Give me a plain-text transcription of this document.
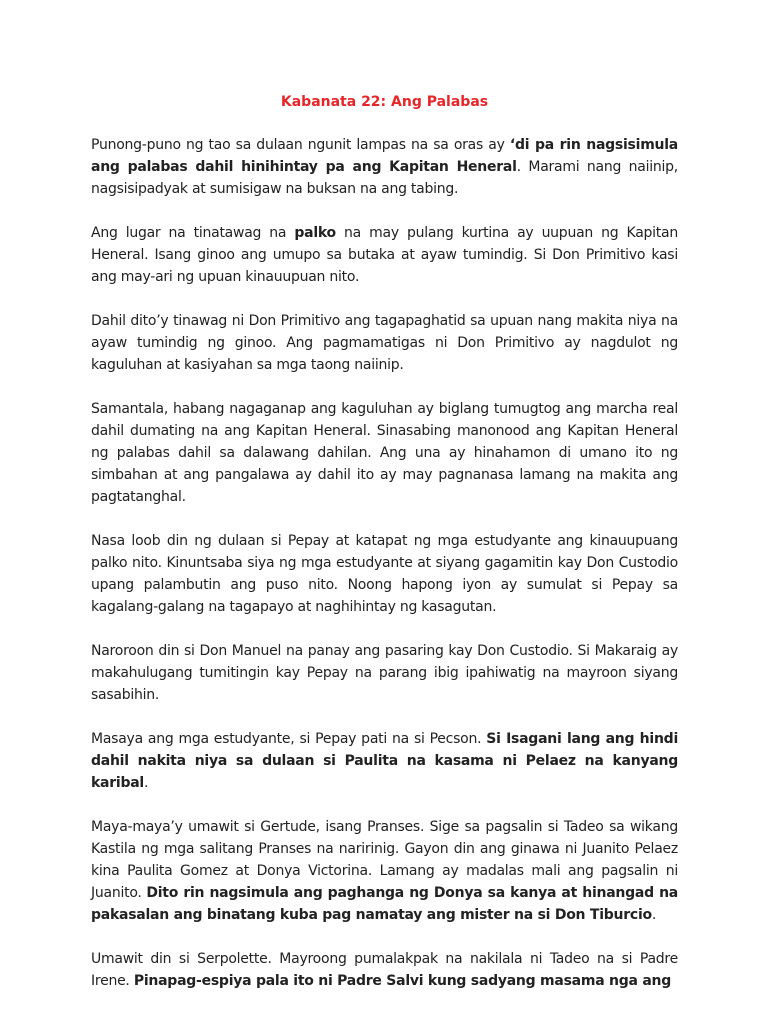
Kabanata 22: Ang Palabas

Punong-puno ng tao sa dulaan ngunit lampas na sa oras ay ‘di pa rin nagsisimula ang palabas dahil hinihintay pa ang Kapitan Heneral. Marami nang naiinip, nagsisipadyak at sumisigaw na buksan na ang tabing.

Ang lugar na tinatawag na palko na may pulang kurtina ay uupuan ng Kapitan Heneral. Isang ginoo ang umupo sa butaka at ayaw tumindig. Si Don Primitivo kasi ang may-ari ng upuan kinauupuan nito.

Dahil dito’y tinawag ni Don Primitivo ang tagapaghatid sa upuan nang makita niya na ayaw tumindig ng ginoo. Ang pagmamatigas ni Don Primitivo ay nagdulot ng kaguluhan at kasiyahan sa mga taong naiinip.

Samantala, habang nagaganap ang kaguluhan ay biglang tumugtog ang marcha real dahil dumating na ang Kapitan Heneral. Sinasabing manonood ang Kapitan Heneral ng palabas dahil sa dalawang dahilan. Ang una ay hinahamon di umano ito ng simbahan at ang pangalawa ay dahil ito ay may pagnanasa lamang na makita ang pagtatanghal.

Nasa loob din ng dulaan si Pepay at katapat ng mga estudyante ang kinauupuang palko nito. Kinuntsaba siya ng mga estudyante at siyang gagamitin kay Don Custodio upang palambutin ang puso nito. Noong hapong iyon ay sumulat si Pepay sa kagalang-galang na tagapayo at naghihintay ng kasagutan.

Naroroon din si Don Manuel na panay ang pasaring kay Don Custodio. Si Makaraig ay makahulugang tumitingin kay Pepay na parang ibig ipahiwatig na mayroon siyang sasabihin.

Masaya ang mga estudyante, si Pepay pati na si Pecson. Si Isagani lang ang hindi dahil nakita niya sa dulaan si Paulita na kasama ni Pelaez na kanyang karibal.

Maya-maya’y umawit si Gertude, isang Pranses. Sige sa pagsalin si Tadeo sa wikang Kastila ng mga salitang Pranses na naririnig. Gayon din ang ginawa ni Juanito Pelaez kina Paulita Gomez at Donya Victorina. Lamang ay madalas mali ang pagsalin ni Juanito. Dito rin nagsimula ang paghanga ng Donya sa kanya at hinangad na pakasalan ang binatang kuba pag namatay ang mister na si Don Tiburcio.

Umawit din si Serpolette. Mayroong pumalakpak na nakilala ni Tadeo na si Padre Irene. Pinapag-espiya pala ito ni Padre Salvi kung sadyang masama nga ang
